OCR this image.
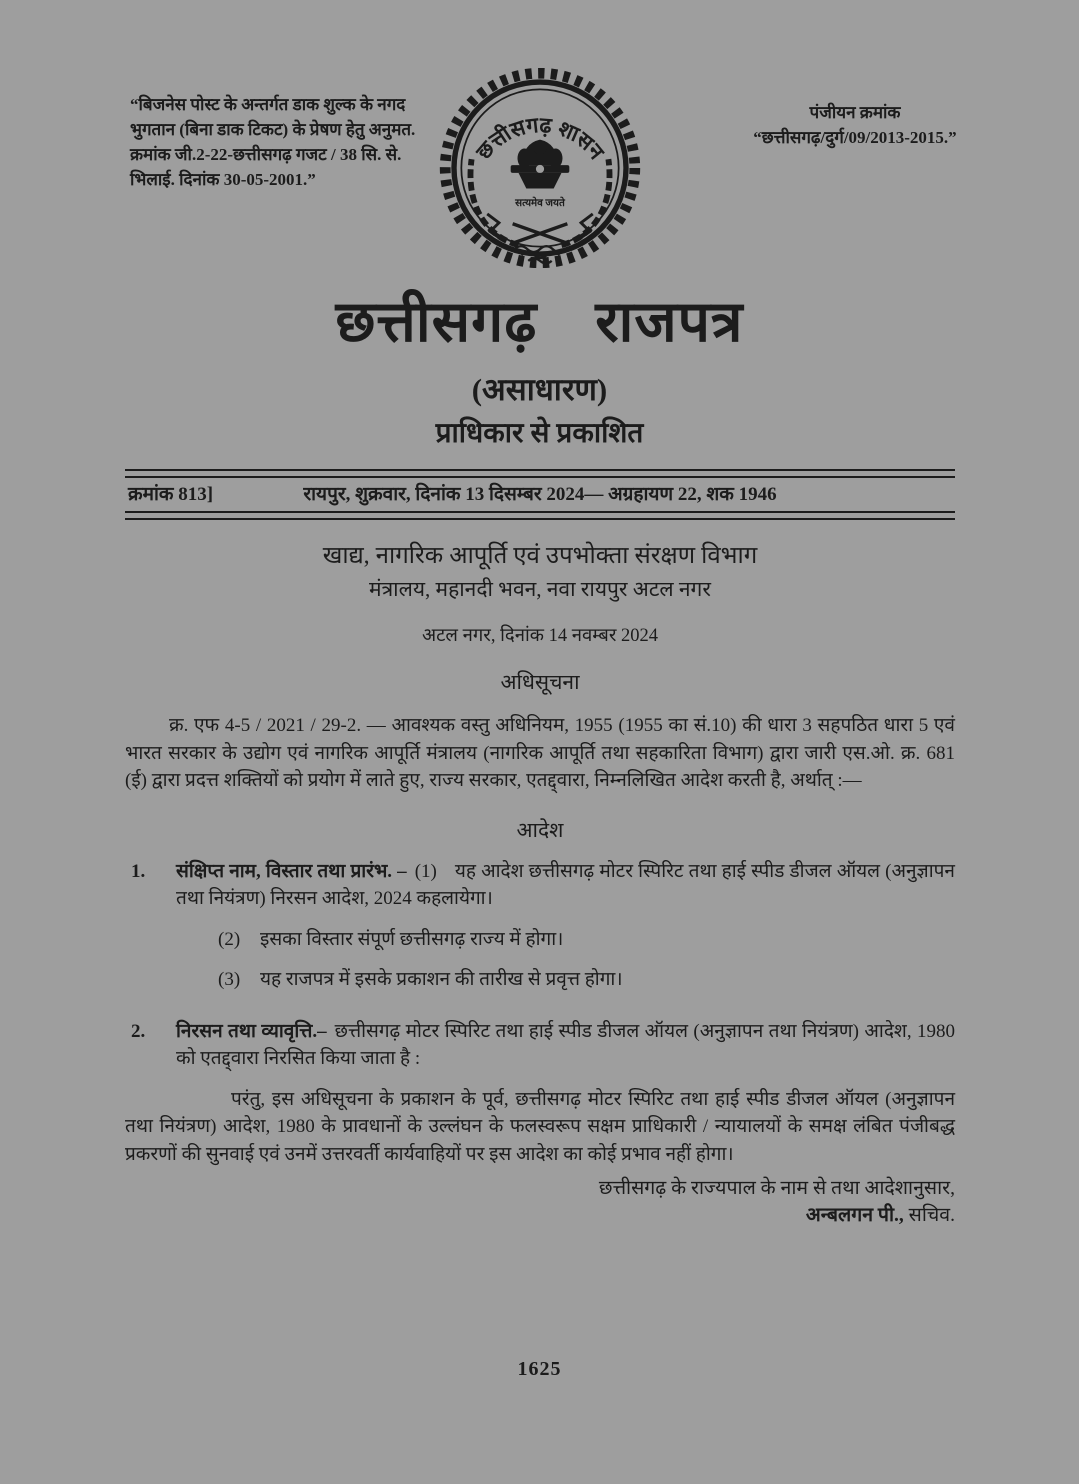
“बिजनेस पोस्ट के अन्तर्गत डाक शुल्क के नगद भुगतान (बिना डाक टिकट) के प्रेषण हेतु अनुमत. क्रमांक जी.2-22-छत्तीसगढ़ गजट / 38 सि. से. भिलाई. दिनांक 30-05-2001.”
पंजीयन क्रमांक
“छत्तीसगढ़/दुर्ग/09/2013-2015.”
छत्तीसगढ़ शासन
सत्यमेव जयते
छत्तीसगढ़ राजपत्र
(असाधारण)
प्राधिकार से प्रकाशित
क्रमांक 813]	रायपुर, शुक्रवार, दिनांक 13 दिसम्बर 2024— अग्रहायण 22, शक 1946
खाद्य, नागरिक आपूर्ति एवं उपभोक्ता संरक्षण विभाग
मंत्रालय, महानदी भवन, नवा रायपुर अटल नगर
अटल नगर, दिनांक 14 नवम्बर 2024
अधिसूचना
क्र. एफ 4-5 / 2021 / 29-2. — आवश्यक वस्तु अधिनियम, 1955 (1955 का सं.10) की धारा 3 सहपठित धारा 5 एवं भारत सरकार के उद्योग एवं नागरिक आपूर्ति मंत्रालय (नागरिक आपूर्ति तथा सहकारिता विभाग) द्वारा जारी एस.ओ. क्र. 681 (ई) द्वारा प्रदत्त शक्तियों को प्रयोग में लाते हुए, राज्य सरकार, एतद्द्वारा, निम्नलिखित आदेश करती है, अर्थात् :—
आदेश
1. संक्षिप्त नाम, विस्तार तथा प्रारंभ. – (1) यह आदेश छत्तीसगढ़ मोटर स्पिरिट तथा हाई स्पीड डीजल ऑयल (अनुज्ञापन तथा नियंत्रण) निरसन आदेश, 2024 कहलायेगा।
(2) इसका विस्तार संपूर्ण छत्तीसगढ़ राज्य में होगा।
(3) यह राजपत्र में इसके प्रकाशन की तारीख से प्रवृत्त होगा।
2. निरसन तथा व्यावृत्ति.– छत्तीसगढ़ मोटर स्पिरिट तथा हाई स्पीड डीजल ऑयल (अनुज्ञापन तथा नियंत्रण) आदेश, 1980 को एतद्द्वारा निरसित किया जाता है :
परंतु, इस अधिसूचना के प्रकाशन के पूर्व, छत्तीसगढ़ मोटर स्पिरिट तथा हाई स्पीड डीजल ऑयल (अनुज्ञापन तथा नियंत्रण) आदेश, 1980 के प्रावधानों के उल्लंघन के फलस्वरूप सक्षम प्राधिकारी / न्यायालयों के समक्ष लंबित पंजीबद्ध प्रकरणों की सुनवाई एवं उनमें उत्तरवर्ती कार्यवाहियों पर इस आदेश का कोई प्रभाव नहीं होगा।
छत्तीसगढ़ के राज्यपाल के नाम से तथा आदेशानुसार,
अन्बलगन पी., सचिव.
1625
